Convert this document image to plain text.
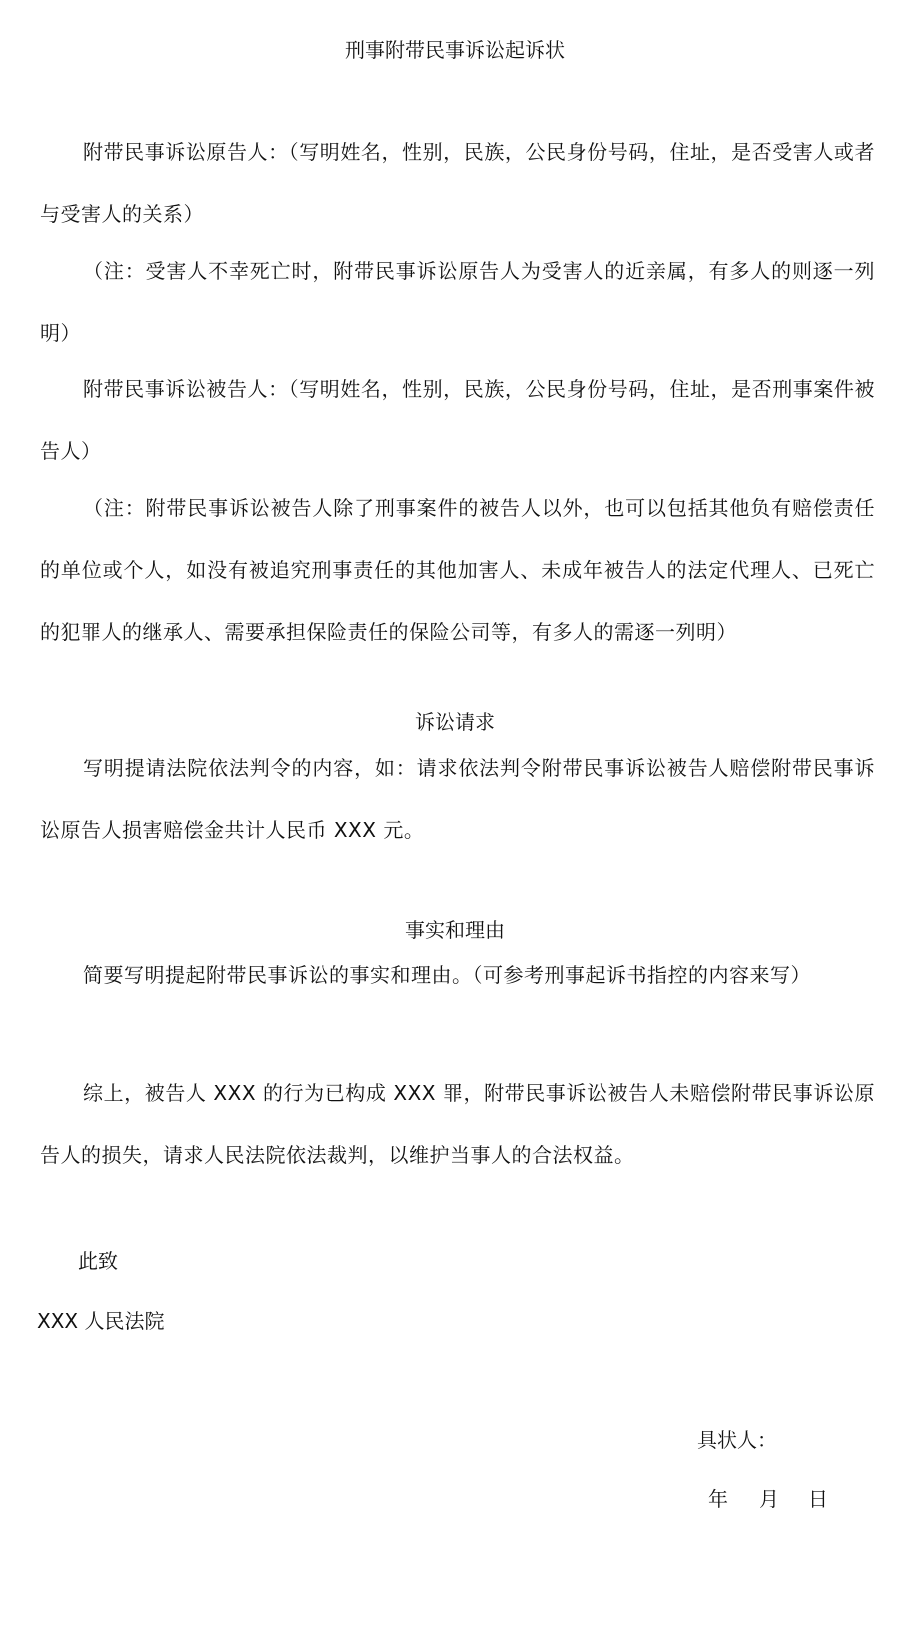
刑事附带民事诉讼起诉状
附带民事诉讼原告人：（写明姓名，性别，民族，公民身份号码，住址，是否受害人或者与受害人的关系）
（注：受害人不幸死亡时，附带民事诉讼原告人为受害人的近亲属，有多人的则逐一列明）
附带民事诉讼被告人：（写明姓名，性别，民族，公民身份号码，住址，是否刑事案件被告人）
（注：附带民事诉讼被告人除了刑事案件的被告人以外，也可以包括其他负有赔偿责任的单位或个人，如没有被追究刑事责任的其他加害人、未成年被告人的法定代理人、已死亡的犯罪人的继承人、需要承担保险责任的保险公司等，有多人的需逐一列明）
诉讼请求
写明提请法院依法判令的内容，如：请求依法判令附带民事诉讼被告人赔偿附带民事诉讼原告人损害赔偿金共计人民币 XXX 元。
事实和理由
简要写明提起附带民事诉讼的事实和理由。（可参考刑事起诉书指控的内容来写）
综上，被告人 XXX 的行为已构成 XXX 罪，附带民事诉讼被告人未赔偿附带民事诉讼原告人的损失，请求人民法院依法裁判，以维护当事人的合法权益。
此致
XXX 人民法院
具状人：
年 月 日
